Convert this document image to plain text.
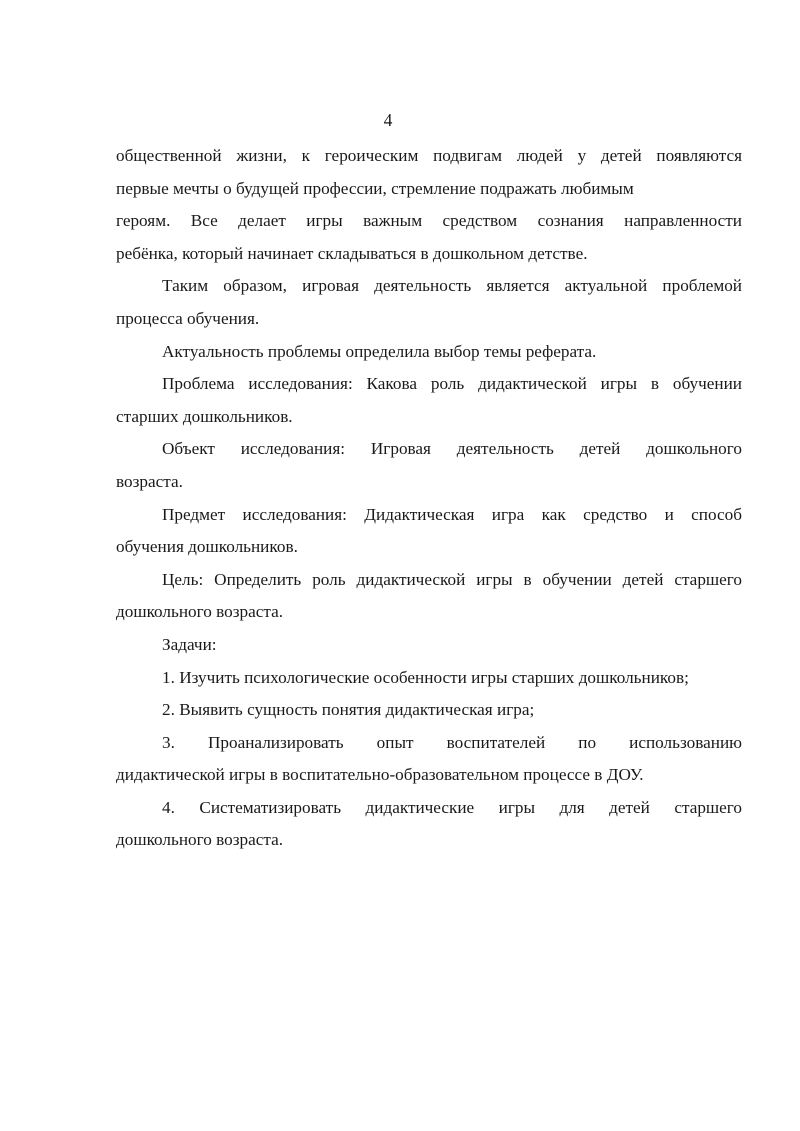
4
общественной жизни, к героическим подвигам людей у детей появляются
первые мечты о будущей профессии, стремление подражать любимым
героям. Все делает игры важным средством сознания направленности
ребёнка, который начинает складываться в дошкольном детстве.
Таким образом, игровая деятельность является актуальной проблемой
процесса обучения.
Актуальность проблемы определила выбор темы реферата.
Проблема исследования: Какова роль дидактической игры в обучении
старших дошкольников.
Объект исследования: Игровая деятельность детей дошкольного
возраста.
Предмет исследования: Дидактическая игра как средство и способ
обучения дошкольников.
Цель: Определить роль дидактической игры в обучении детей старшего
дошкольного возраста.
Задачи:
1. Изучить психологические особенности игры старших дошкольников;
2. Выявить сущность понятия дидактическая игра;
3. Проанализировать опыт воспитателей по использованию
дидактической игры в воспитательно-образовательном процессе в ДОУ.
4. Систематизировать дидактические игры для детей старшего
дошкольного возраста.
